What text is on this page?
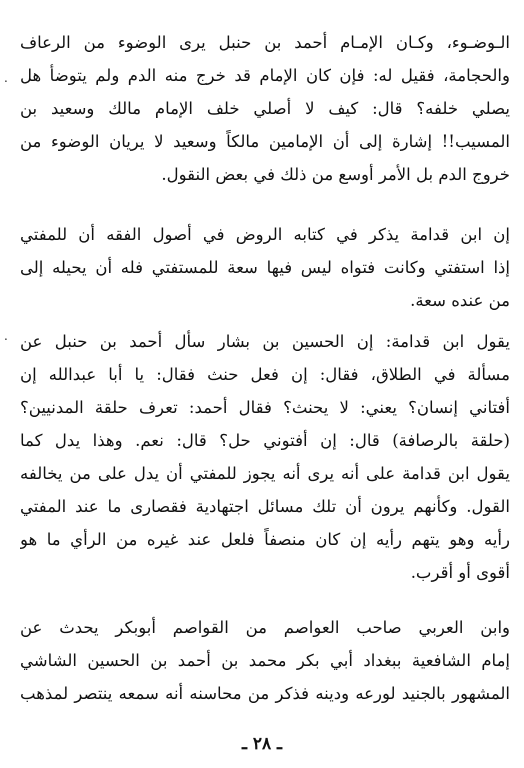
.
.
الـوضـوء، وكـان الإمـام أحمد بن حنبل يرى الوضوء من الرعاف
والحجامة، فقيل له: فإن كان الإمام قد خرج منه الدم ولم يتوضأ هل
يصلي خلفه؟ قال: كيف لا أصلي خلف الإمام مالك وسعيد بن
المسيب!! إشارة إلى أن الإمامين مالكاً وسعيد لا يريان الوضوء من
خروج الدم بل الأمر أوسع من ذلك في بعض النقول.
إن ابن قدامة يذكر في كتابه الروض في أصول الفقه أن للمفتي
إذا استفتي وكانت فتواه ليس فيها سعة للمستفتي فله أن يحيله إلى
من عنده سعة.
يقول ابن قدامة: إن الحسين بن بشار سأل أحمد بن حنبل عن
مسألة في الطلاق، فقال: إن فعل حنث فقال: يا أبا عبدالله إن
أفتاني إنسان؟ يعني: لا يحنث؟ فقال أحمد: تعرف حلقة المدنيين؟
(حلقة بالرصافة) قال: إن أفتوني حل؟ قال: نعم. وهذا يدل كما
يقول ابن قدامة على أنه يرى أنه يجوز للمفتي أن يدل على من يخالفه
القول. وكأنهم يرون أن تلك مسائل اجتهادية فقصارى ما عند المفتي
رأيه وهو يتهم رأيه إن كان منصفاً فلعل عند غيره من الرأي ما هو
أقوى أو أقرب.
وابن العربي صاحب العواصم من القواصم أبوبكر يحدث عن
إمام الشافعية ببغداد أبي بكر محمد بن أحمد بن الحسين الشاشي
المشهور بالجنيد لورعه ودينه فذكر من محاسنه أنه سمعه ينتصر لمذهب
ـ ٢٨ ـ
